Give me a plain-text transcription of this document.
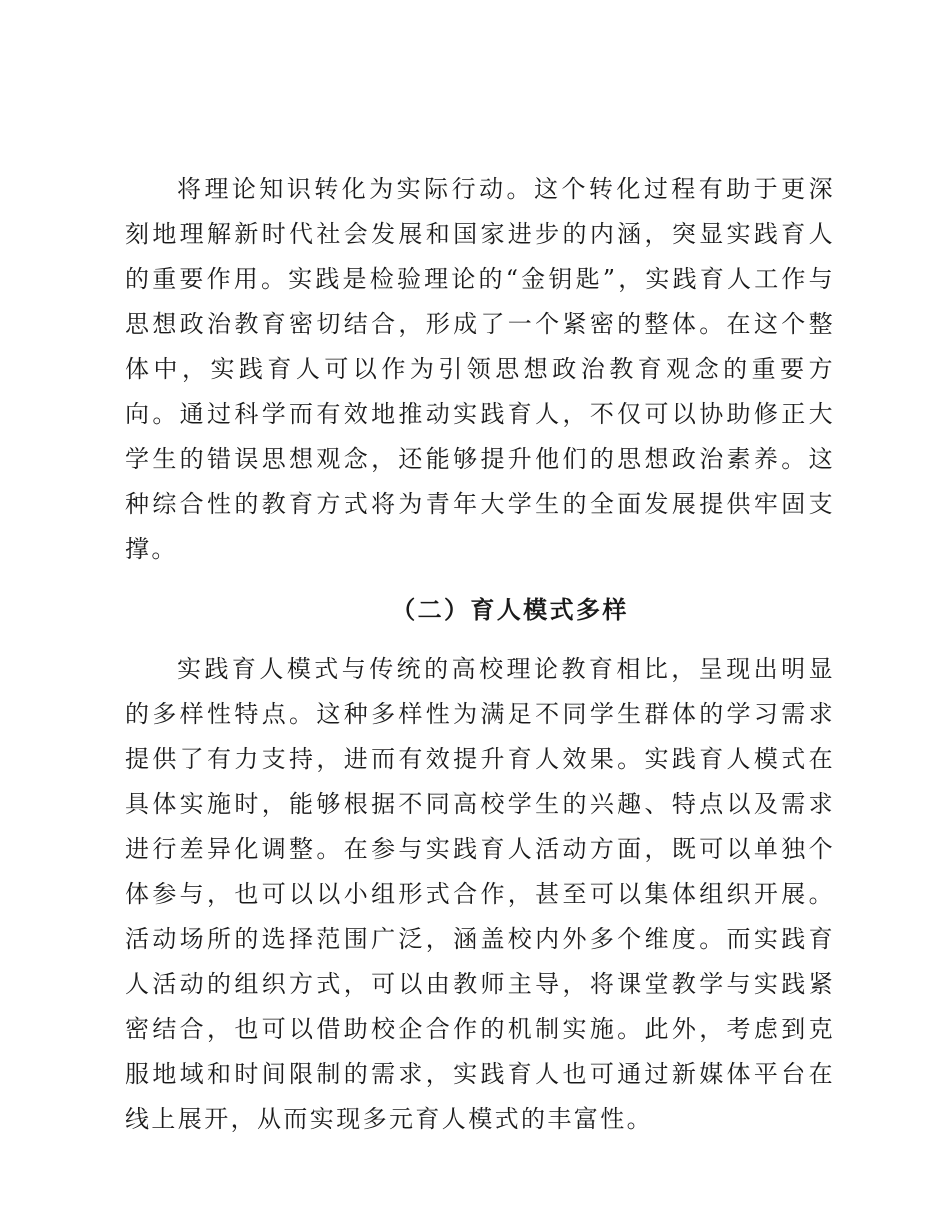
将理论知识转化为实际行动。这个转化过程有助于更深刻地理解新时代社会发展和国家进步的内涵，突显实践育人的重要作用。实践是检验理论的“金钥匙”，实践育人工作与思想政治教育密切结合，形成了一个紧密的整体。在这个整体中，实践育人可以作为引领思想政治教育观念的重要方向。通过科学而有效地推动实践育人，不仅可以协助修正大学生的错误思想观念，还能够提升他们的思想政治素养。这种综合性的教育方式将为青年大学生的全面发展提供牢固支撑。

（二）育人模式多样

实践育人模式与传统的高校理论教育相比，呈现出明显的多样性特点。这种多样性为满足不同学生群体的学习需求提供了有力支持，进而有效提升育人效果。实践育人模式在具体实施时，能够根据不同高校学生的兴趣、特点以及需求进行差异化调整。在参与实践育人活动方面，既可以单独个体参与，也可以以小组形式合作，甚至可以集体组织开展。活动场所的选择范围广泛，涵盖校内外多个维度。而实践育人活动的组织方式，可以由教师主导，将课堂教学与实践紧密结合，也可以借助校企合作的机制实施。此外，考虑到克服地域和时间限制的需求，实践育人也可通过新媒体平台在线上展开，从而实现多元育人模式的丰富性。
